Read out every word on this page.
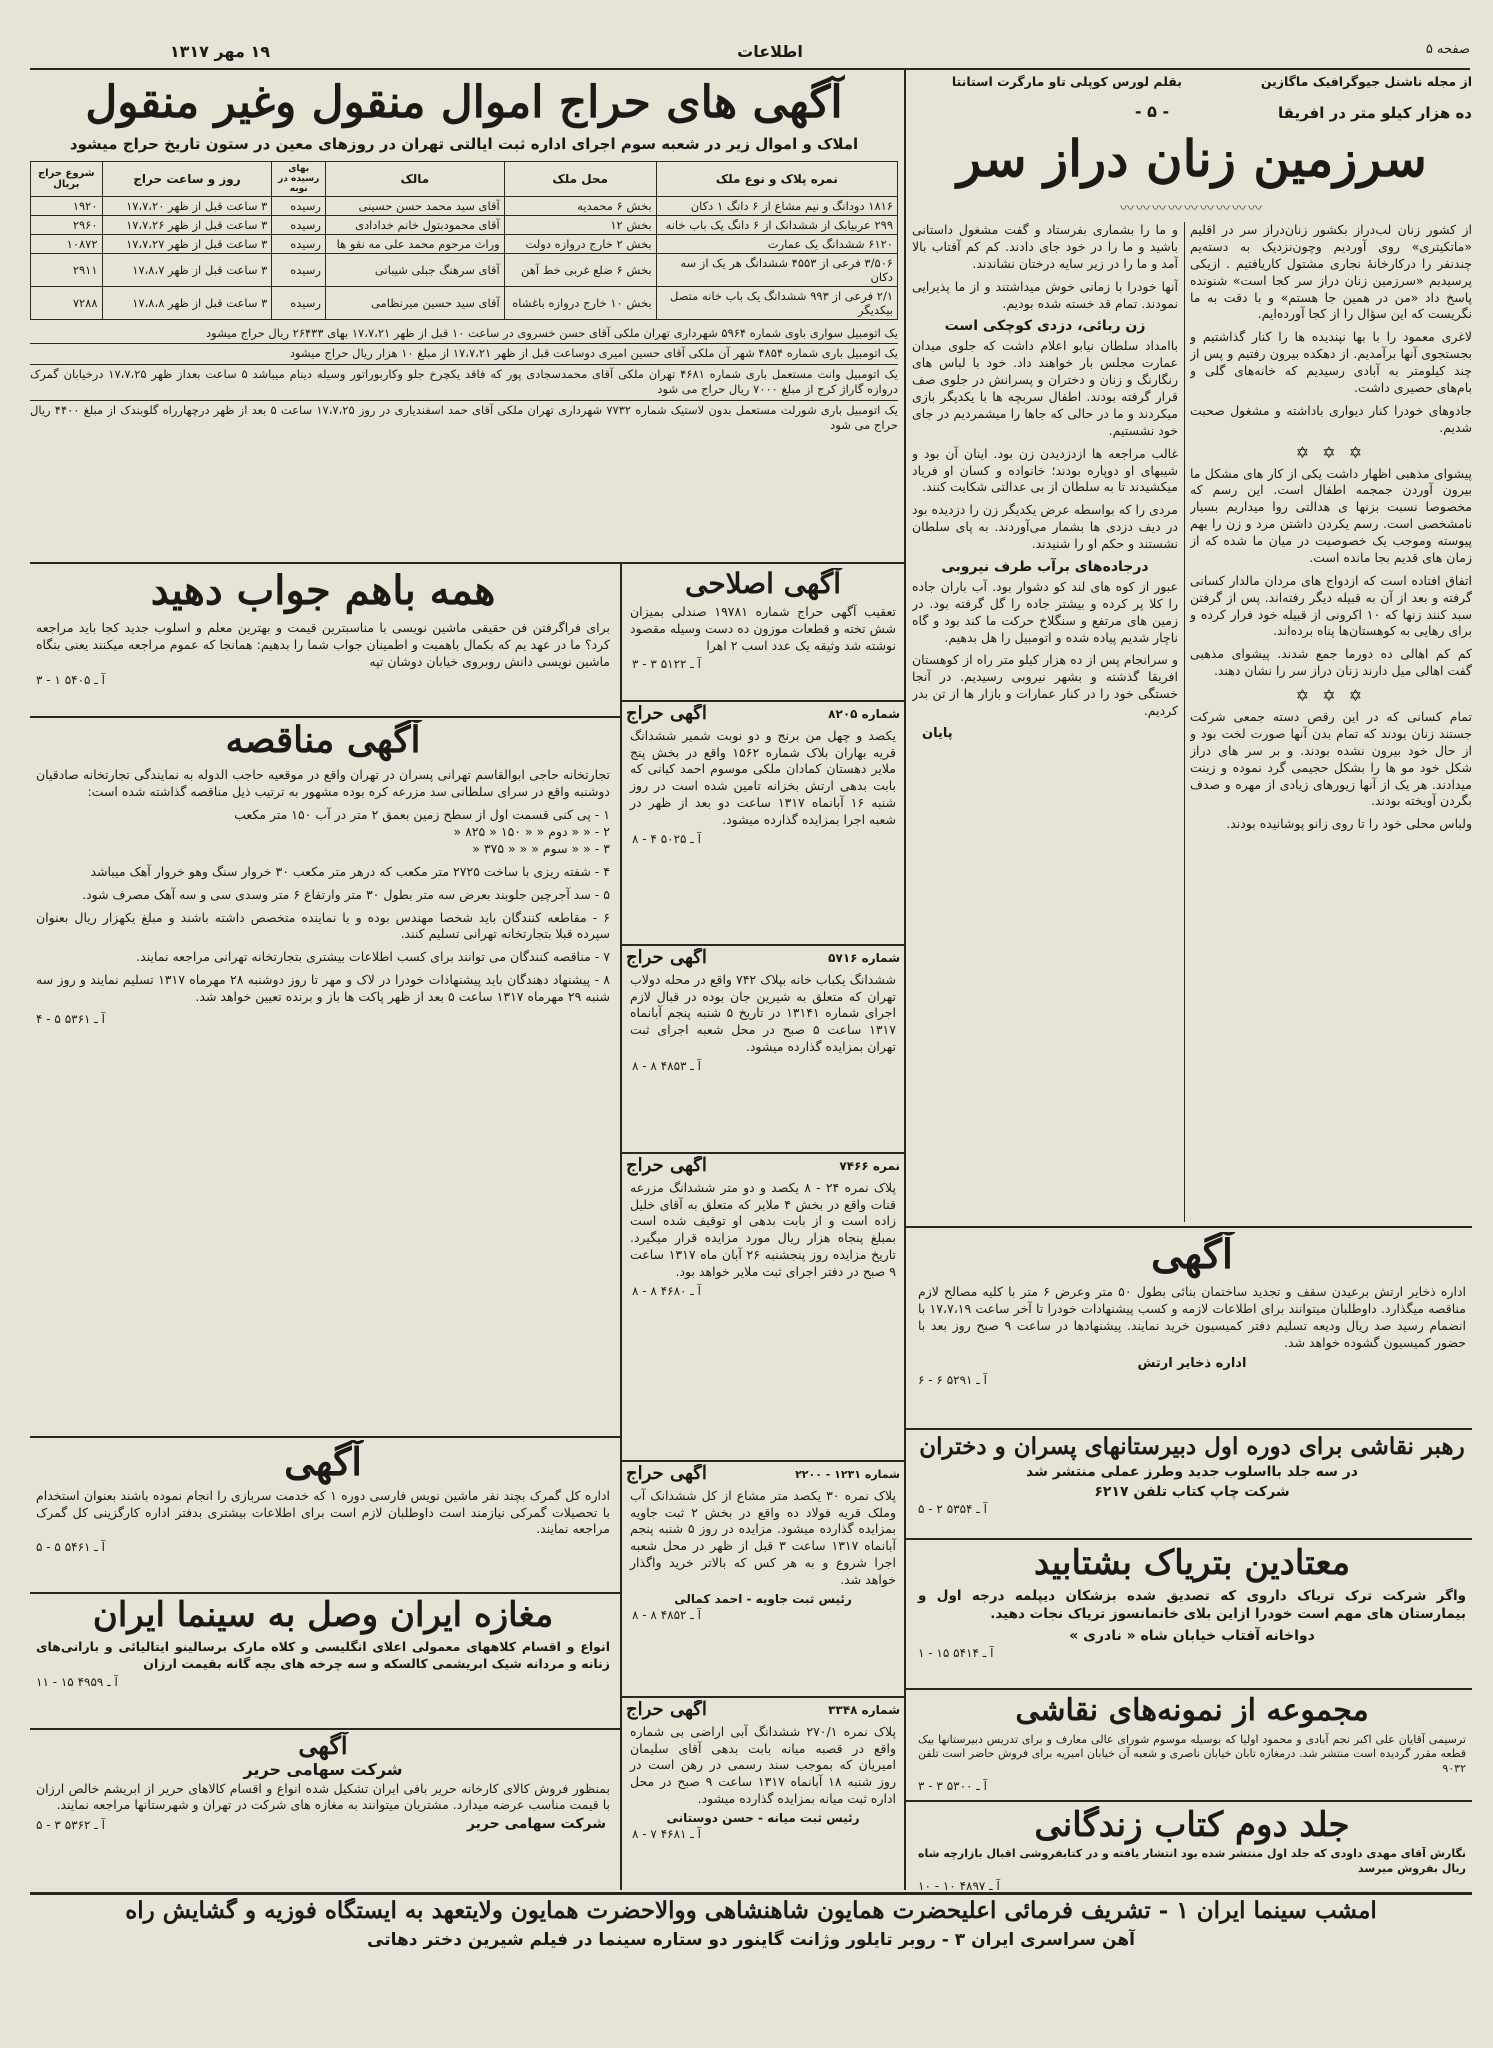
۱۹ مهر ۱۳۱۷	اطلاعات	صفحه ۵
از مجله ناشنل جیوگرافیک ماگازین
بقلم لورس کوپلی تاو مارگرت استانتا
ده هزار کیلو متر در افریقا
- ۵ -
سرزمین زنان دراز سر
〰〰〰〰〰〰〰〰〰

از کشور زنان لب‌دراز بکشور زنان‌دراز سر در اقلیم «ماتکیتری» روی آوردیم وچون‌نزدیک به دسته‌یم چندنفر را درکارخانهٔ نجاری مشتول کاریافتیم . ازیکی پرسیدیم «سرزمین زنان دراز سر کجا است» شنونده پاسخ داد «من در همین جا هستم» و با دقت به ما نگریست که این سؤال را از کجا آورده‌ایم.

لاغری معمود را با بها نپندیده ها را کنار گذاشتیم و بجستجوی آنها برآمدیم. از دهکده بیرون رفتیم و پس از چند کیلومتر به آبادی رسیدیم که خانه‌های گلی و بام‌های حصیری داشت.

جادوهای خودرا کنار دیواری باداشته و مشغول صحبت شدیم.

✡ ✡ ✡

پیشوای مذهبی اظهار داشت یکی از کار های مشکل ما بیرون آوردن جمجمه اطفال است. این رسم که مخصوصا نسبت بزنها ی هدالتی روا میداریم بسیار نامشخصی است. رسم یکردن داشتن مرد و زن را بهم پیوسته وموجب یک خصوصیت در میان ما شده که از زمان های قدیم بجا مانده است.

اتفاق افتاده است که ازدواج های مردان مالدار کسانی گرفته و بعد از آن به قبیله دیگر رفته‌اند. پس از گرفتن سبد کنند زنها که ۱۰ اکرونی از قبیله خود فرار کرده و برای رهایی به کوهستان‌ها پناه برده‌اند.

کم کم اهالی ده دورما جمع شدند. پیشوای مذهبی گفت اهالی میل دارند زنان دراز سر را نشان دهند.

✡ ✡ ✡

تمام کسانی که در این رقص دسته جمعی شرکت جستند زنان بودند که تمام بدن آنها صورت لخت بود و از حال خود بیرون نشده بودند. و بر سر های دراز شکل خود مو ها را بشکل حجیمی گرد نموده و زینت میدادند. هر یک از آنها زیورهای زیادی از مهره و صدف بگردن آویخته بودند.

ولباس محلی خود را تا روی زانو پوشانیده بودند.

و ما را بشماری بفرستاد و گفت مشغول داستانی باشید و ما را در خود جای دادند. کم کم آفتاب بالا آمد و ما را در زیر سایه درختان نشاندند.

آنها خودرا با زمانی خوش میداشتند و از ما پذیرایی نمودند. تمام قد خسته شده بودیم.

زن ربائی، دزدی کوچکی است

باامداد سلطان نیابو اعلام داشت که جلوی میدان عمارت مجلس بار خواهند داد. خود با لباس های رنگارنگ و زنان و دختران و پسرانش در جلوی صف قرار گرفته بودند. اطفال سربچه ها با یکدیگر بازی میکردند و ما در حالی که جاها را میشمردیم در جای خود نشستیم.

غالب مراجعه ها ازدزدیدن زن بود. اینان آن بود و شیبهای او دوپاره بودند؛ خانواده و کسان او فریاد میکشیدند تا به سلطان از بی عدالتی شکایت کنند.

مردی را که بواسطه عرض یکدیگر زن را دزدیده بود در دیف دزدی ها بشمار می‌آوردند. به پای سلطان نشستند و حکم او را شنیدند.

درجاده‌های برآب طرف نیروبی

عبور از کوه های لند کو دشوار بود. آب باران جاده را کلا پر کرده و بیشتر جاده را گل گرفته بود. در زمین های مرتفع و سنگلاخ حرکت ما کند بود و گاه ناچار شدیم پیاده شده و اتومبیل را هل بدهیم.

و سرانجام پس از ده هزار کیلو متر راه از کوهستان افریقا گذشته و بشهر نیروبی رسیدیم. در آنجا خستگی خود را در کنار عمارات و بازار ها از تن بدر کردیم.

پایان
آگهی

اداره ذخایر ارتش برعیدن سقف و تجدید ساختمان بنائی بطول ۵۰ متر وعرض ۶ متر با کلیه مصالح لازم مناقصه میگذارد. داوطلبان میتوانند برای اطلاعات لازمه و کسب پیشنهادات خودرا تا آخر ساعت ۱۷،۷،۱۹ با انضمام رسید صد ریال ودیعه تسلیم دفتر کمیسیون خرید نمایند. پیشنهادها در ساعت ۹ صبح روز بعد با حضور کمیسیون گشوده خواهد شد.

اداره ذخایر ارتش
آ ـ ۵۲۹۱ ۶ - ۶
رهبر نقاشی برای دوره اول دبیرستانهای پسران و دختران
در سه جلد بااسلوب جدید وطرز عملی منتشر شد
شرکت چاپ کتاب تلفن ۶۲۱۷
آ ـ ۵۳۵۴ ۲ - ۵
معتادین بتریاک بشتابید

واگر شرکت ترک تریاک داروی که تصدیق شده بزشکان دیپلمه درجه اول و بیمارستان های مهم است خودرا ازاین بلای خانمانسوز تریاک نجات دهید.

دواخانه آفتاب خیابان شاه « نادری »
آ ـ ۵۴۱۴ ۱۵ - ۱
مجموعه از نمونه‌های نقاشی

ترسیمی آقایان علی اکبر نجم آبادی و محمود اولیا که بوسیله موسوم شورای عالی معارف و برای تدریس دبیرستانها بیک قطعه مقرر گردیده است منتشر شد. درمغازه تابان خیابان ناصری و شعبه آن خیابان امیریه برای فروش حاضر است تلفن ۹۰۳۲

آ ـ ۵۳۰۰ ۳ - ۳
جلد دوم کتاب زندگانی

نگارش آقای مهدی داودی که جلد اول منتشر شده بود انتشار یافته و در کتابفروشی اقبال بازارچه شاه ریال بفروش میرسد

آ ـ ۴۸۹۷ ۱۰ - ۱۰
آگهی های حراج اموال منقول وغیر منقول
املاک و اموال زیر در شعبه سوم اجرای اداره ثبت ایالتی تهران در روزهای معین در ستون تاریخ حراج میشود
نمره پلاک و نوع ملک	محل ملک	مالک	بهای رسیده در نوبه	روز و ساعت حراج	شروع حراج بریال
۱۸۱۶ دودانگ و نیم مشاع از ۶ دانگ ۱ دکان	بخش ۶ محمدیه	آقای سید محمد حسن حسینی	رسیده	۳ ساعت قبل از ظهر ۱۷،۷،۲۰	۱۹۲۰
۲۹۹ عربیابک از ششدانک از ۶ دانگ یک باب خانه	بخش ۱۲	آقای محمودبتول خانم خدادادی	رسیده	۳ ساعت قبل از ظهر ۱۷،۷،۲۶	۲۹۶۰
۶۱۲۰ ششدانگ یک عمارت	بخش ۲ خارج دروازه دولت	وراث مرحوم محمد علی مه نقو ها	رسیده	۳ ساعت قبل از ظهر ۱۷،۷،۲۷	۱۰۸۷۲
۳/۵۰۶ فرعی از ۴۵۵۳ ششدانگ هر یک از سه دکان	بخش ۶ ضلع غربی خط آهن	آقای سرهنگ جبلی شیبانی	رسیده	۳ ساعت قبل از ظهر ۱۷،۸،۷	۲۹۱۱
۲/۱ فرعی از ۹۹۳ ششدانگ یک باب خانه متصل بیکدیگر	بخش ۱۰ خارج دروازه باغشاه	آقای سید حسین میرنظامی	رسیده	۳ ساعت قبل از ظهر ۱۷،۸،۸	۷۲۸۸

یک اتومبیل سواری باوی شماره ۵۹۶۴ شهرداری تهران ملکی آقای حسن خسروی در ساعت ۱۰ قبل از ظهر ۱۷،۷،۲۱ بهای ۲۶۴۳۳ ریال حراج میشود

یک اتومبیل باری شماره ۴۸۵۴ شهر آن ملکی آقای حسین امیری دوساعت قبل از ظهر ۱۷،۷،۲۱ از مبلغ ۱۰ هزار ریال حراج میشود

یک اتومبیل وانت مستعمل باری شماره ۴۶۸۱ تهران ملکی آقای محمدسجادی پور که فاقد یکچرخ جلو وکاربوراتور وسیله دینام میباشد ۵ ساعت بعداز ظهر ۱۷،۷،۲۵ درخیابان گمرک دروازه گاراژ کرج از مبلغ ۷۰۰۰ ریال حراج می شود

یک اتومبیل باری شورلت مستعمل بدون لاستیک شماره ۷۷۳۲ شهرداری تهران ملکی آقای حمد اسفندیاری در روز ۱۷،۷،۲۵ ساعت ۵ بعد از ظهر درچهارراه گلوبندک از مبلغ ۴۴۰۰ ریال حراج می شود

آگهی اصلاحی

تعقیب آگهی حراج شماره ۱۹۷۸۱ صندلی بمیزان شش تخته و قطعات موزون ده دست وسیله مقصود نوشته شد وثیقه یک عدد اسب ۲ اهرا

آ ـ ۵۱۲۲ ۳ - ۳
شماره ۸۲۰۵
آگهی حراج

یکصد و چهل من برنج و دو نوبت شمیر ششدانگ قریه بهاران بلاک شماره ۱۵۶۲ واقع در بخش پنج ملایر دهستان کمادان ملکی موسوم احمد کیانی که بابت بدهی ارتش بخزانه تامین شده است در روز شنبه ۱۶ آبانماه ۱۳۱۷ ساعت دو بعد از ظهر در شعبه اجرا بمزایده گذارده میشود.

آ ـ ۵۰۲۵ ۴ - ۸
شماره ۵۷۱۶
آگهی حراج

ششدانگ یکباب خانه بپلاک ۷۴۲ واقع در محله دولاب تهران که متعلق به شیرین جان بوده در قبال لازم اجرای شماره ۱۳۱۴۱ در تاریخ ۵ شنبه پنجم آبانماه ۱۳۱۷ ساعت ۵ صبح در محل شعبه اجرای ثبت تهران بمزایده گذارده میشود.

آ ـ ۴۸۵۳ ۸ - ۸
نمره ۷۴۶۶
آگهی حراج

پلاک نمره ۲۴ - ۸ یکصد و دو متر ششدانگ مزرعه قنات واقع در بخش ۴ ملایر که متعلق به آقای خلیل زاده است و از بابت بدهی او توقیف شده است بمبلغ پنجاه هزار ریال مورد مزایده قرار میگیرد. تاریخ مزایده روز پنجشنبه ۲۶ آبان ماه ۱۳۱۷ ساعت ۹ صبح در دفتر اجرای ثبت ملایر خواهد بود.

آ ـ ۴۶۸۰ ۸ - ۸
شماره ۱۲۳۱ - ۲۲۰۰
آگهی حراج

پلاک نمره ۳۰ یکصد متر مشاع از کل ششدانک آب وملک قریه فولاد ده واقع در بخش ۲ ثبت جاویه بمزایده گذارده میشود. مزایده در روز ۵ شنبه پنجم آبانماه ۱۳۱۷ ساعت ۳ قبل از ظهر در محل شعبه اجرا شروع و به هر کس که بالاتر خرید واگذار خواهد شد.

رئیس ثبت جاویه - احمد کمالی
آ ـ ۴۸۵۲ ۸ - ۸
شماره ۳۳۴۸
آگهی حراج

پلاک نمره ۲۷۰/۱ ششدانگ آبی اراضی بی شماره واقع در قصبه میانه بابت بدهی آقای سلیمان امیریان که بموجب سند رسمی در رهن است در روز شنبه ۱۸ آبانماه ۱۳۱۷ ساعت ۹ صبح در محل اداره ثبت میانه بمزایده گذارده میشود.

رئیس ثبت میانه - حسن دوستانی
آ ـ ۴۶۸۱ ۷ - ۸
همه باهم جواب دهید

برای فراگرفتن فن حقیقی ماشین نویسی با مناسبترین قیمت و بهترین معلم و اسلوب جدید کجا باید مراجعه کرد؟ ما در عهد یم که بکمال باهمیت و اطمینان جواب شما را بدهیم: همانجا که عموم مراجعه میکنند یعنی بنگاه ماشین نویسی دانش روبروی خیابان دوشان تپه

آ ـ ۵۴۰۵ ۱ - ۳
آگهی مناقصه

تجارتخانه حاجی ابوالقاسم تهرانی پسران در تهران واقع در موقعیه حاجب الدوله به نمایندگی تجارتخانه صادقیان دوشنبه واقع در سرای سلطانی سد مزرعه کره بوده مشهور به ترتیب ذیل مناقصه گذاشته شده است:

۱ - پی کنی قسمت اول از سطح زمین بعمق ۲ متر در آب ۱۵۰ متر مکعب

۲ - « « دوم « « ۱۵۰ « ۸۲۵ «

۳ - « « سوم « « « ۳۷۵ «

۴ - شفته ریزی با ساخت ۲۷۲۵ متر مکعب که درهر متر مکعب ۳۰ خروار سنگ وهو خروار آهک میباشد

۵ - سد آجرچین جلوبند بعرض سه متر بطول ۳۰ متر وارتفاع ۶ متر وسدی سی و سه آهک مصرف شود.

۶ - مقاطعه کنندگان باید شخصا مهندس بوده و یا نماینده متخصص داشته باشند و مبلغ یکهزار ریال بعنوان سپرده قبلا بتجارتخانه تهرانی تسلیم کنند.

۷ - مناقصه کنندگان می توانند برای کسب اطلاعات بیشتری بتجارتخانه تهرانی مراجعه نمایند.

۸ - پیشنهاد دهندگان باید پیشنهادات خودرا در لاک و مهر تا روز دوشنبه ۲۸ مهرماه ۱۳۱۷ تسلیم نمایند و روز سه شنبه ۲۹ مهرماه ۱۳۱۷ ساعت ۵ بعد از ظهر پاکت ها باز و برنده تعیین خواهد شد.

آ ـ ۵۳۶۱ ۵ - ۴
آگهی

اداره کل گمرک بچند نفر ماشین نویس فارسی دوره ۱ که خدمت سربازی را انجام نموده باشند بعنوان استخدام با تحصیلات گمرکی نیازمند است داوطلبان لازم است برای اطلاعات بیشتری بدفتر اداره کارگزینی کل گمرک مراجعه نمایند.

آ ـ ۵۴۶۱ ۵ - ۵
مغازه ایران وصل به سینما ایران

انواع و اقسام کلاههای معمولی اعلای انگلیسی و کلاه مارک برسالینو ایتالیائی و بارانی‌های زنانه و مردانه شیک ابریشمی کالسکه و سه چرخه های بچه گانه بقیمت ارزان

آ ـ ۴۹۵۹ ۱۵ - ۱۱
آگهی
شرکت سهامی حریر

بمنظور فروش کالای کارخانه حریر بافی ایران تشکیل شده انواع و اقسام کالاهای حریر از ابریشم خالص ارزان با قیمت مناسب عرضه میدارد. مشتریان میتوانند به مغازه های شرکت در تهران و شهرستانها مراجعه نمایند.

شرکت سهامی حریر
آ ـ ۵۳۶۲ ۳ - ۵
امشب سینما ایران ۱ - تشریف فرمائی اعلیحضرت همایون شاهنشاهی ووالاحضرت همایون ولایتعهد به ایستگاه فوزیه و گشایش راه
آهن سراسری ایران ۳ - روبر تایلور وژانت گاینور دو ستاره سینما در فیلم شیرین دختر دهاتی
